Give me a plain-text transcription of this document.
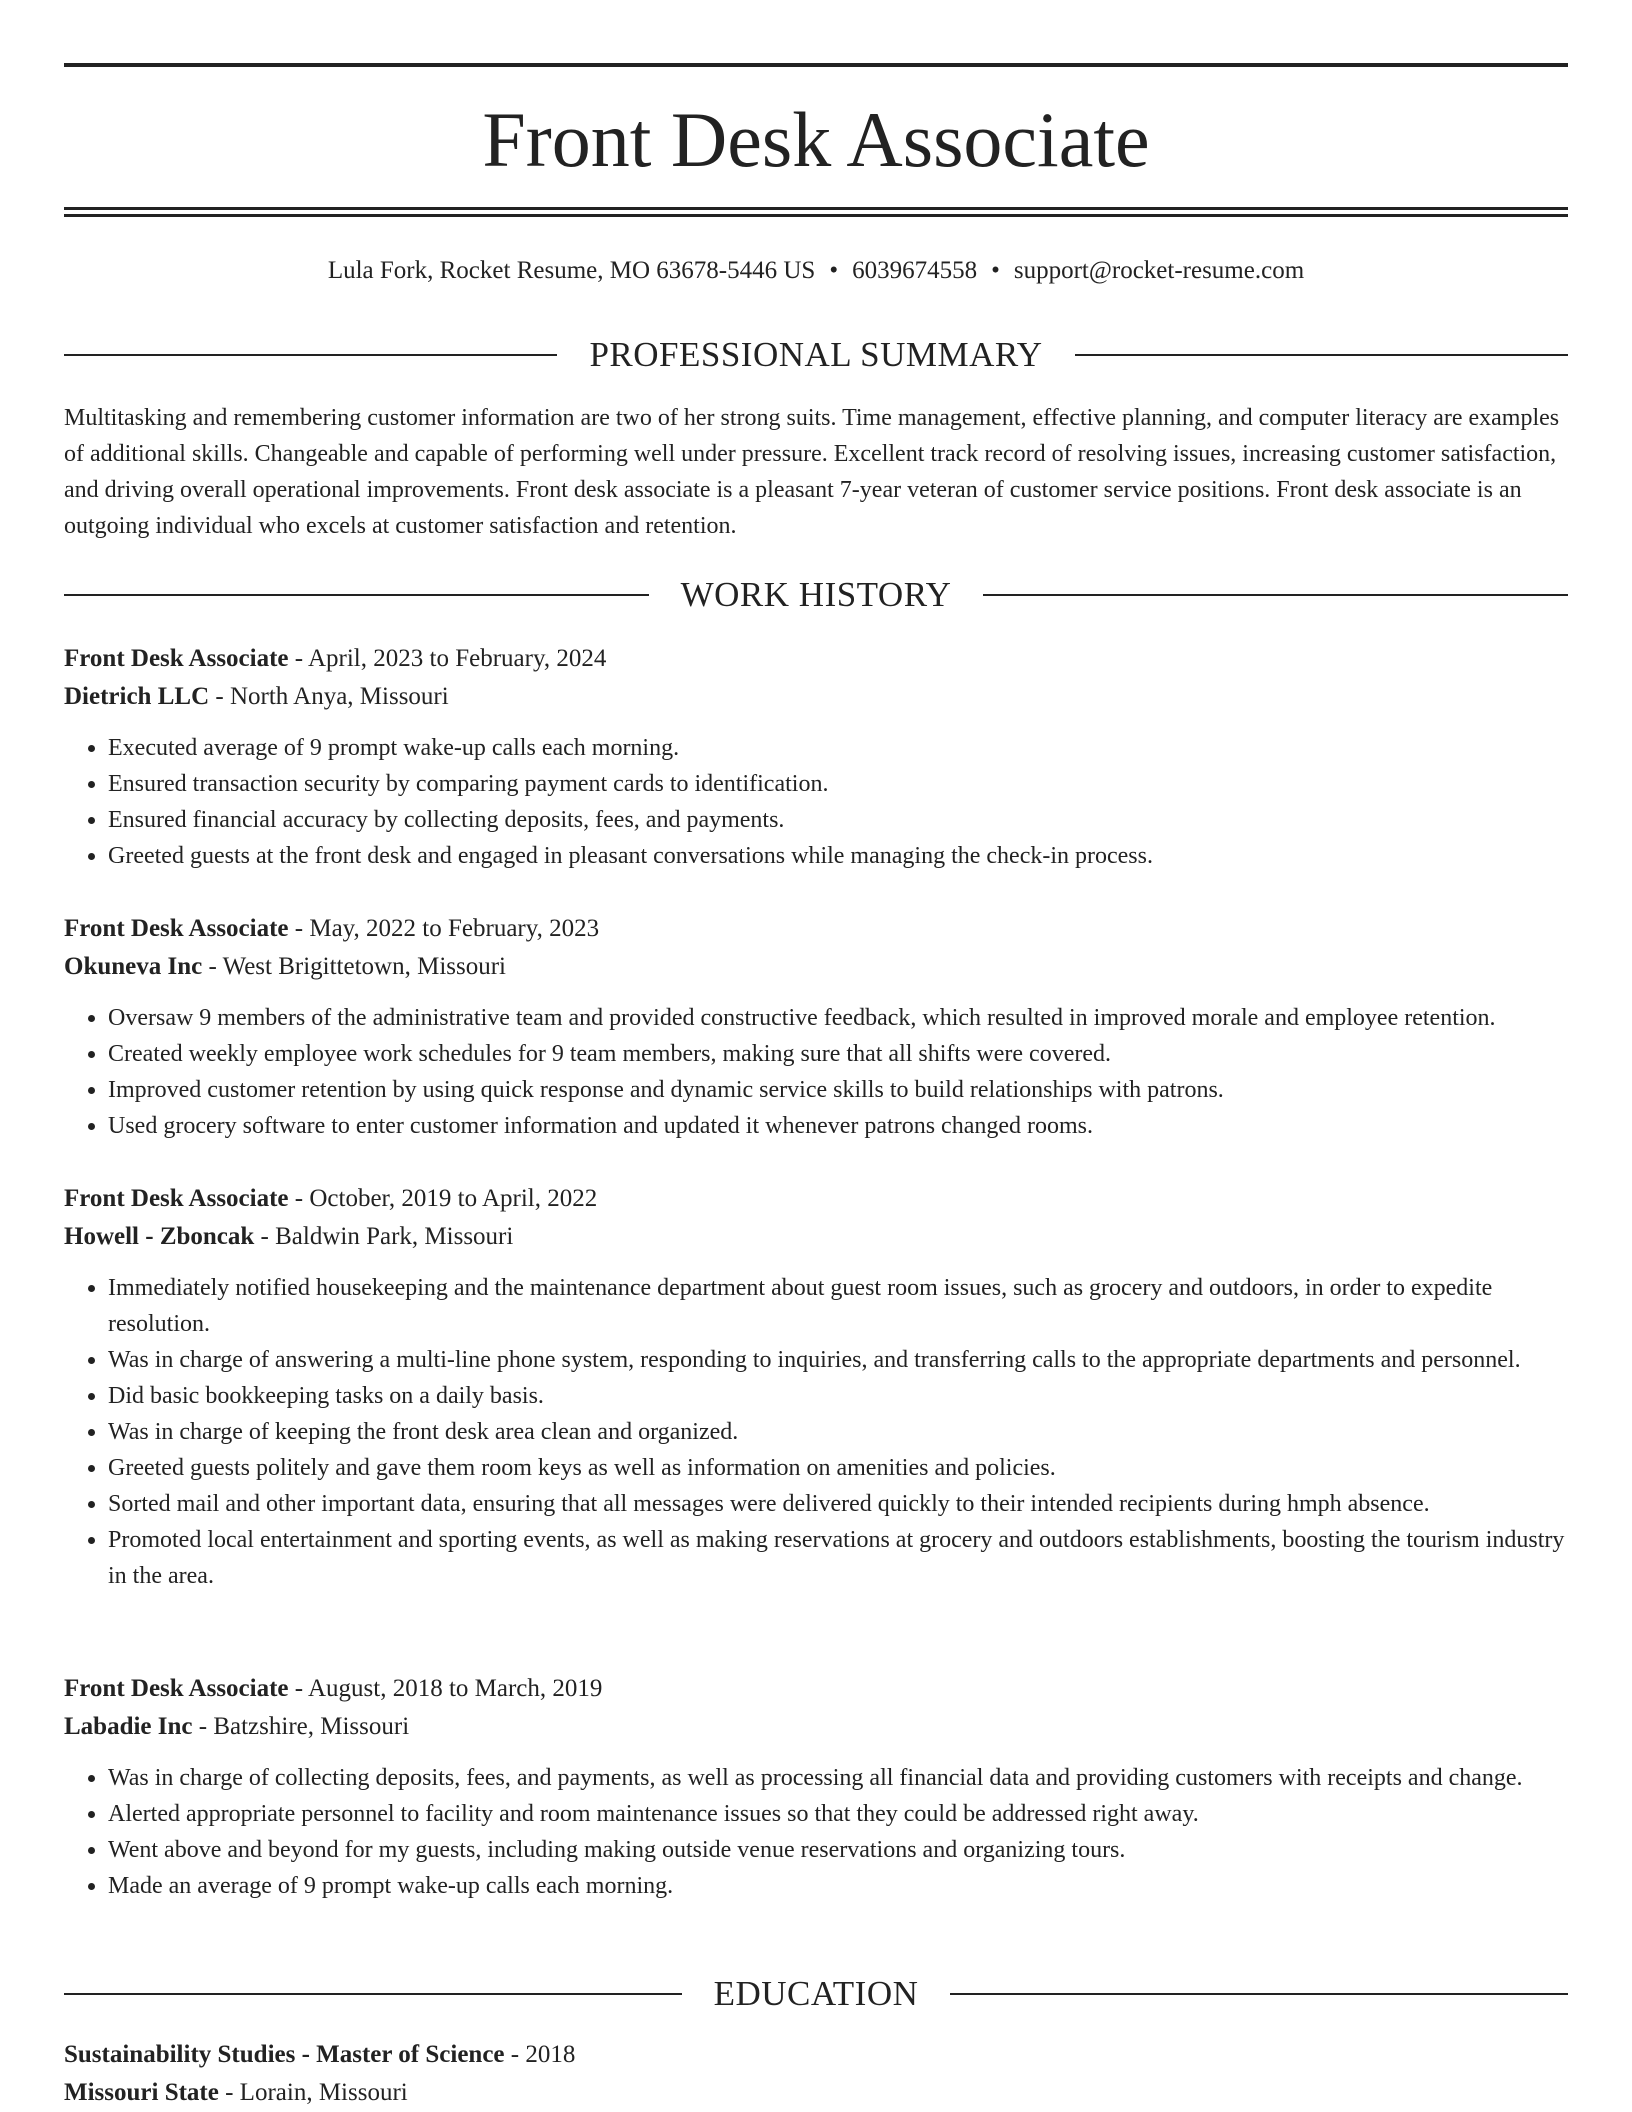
Front Desk Associate
Lula Fork, Rocket Resume, MO 63678-5446 US • 6039674558 • support@rocket-resume.com
PROFESSIONAL SUMMARY

Multitasking and remembering customer information are two of her strong suits. Time management, effective planning, and computer literacy are examples of additional skills. Changeable and capable of performing well under pressure. Excellent track record of resolving issues, increasing customer satisfaction, and driving overall operational improvements. Front desk associate is a pleasant 7-year veteran of customer service positions. Front desk associate is an outgoing individual who excels at customer satisfaction and retention.

WORK HISTORY

Front Desk Associate - April, 2023 to February, 2024

Dietrich LLC - North Anya, Missouri

• Executed average of 9 prompt wake-up calls each morning.
• Ensured transaction security by comparing payment cards to identification.
• Ensured financial accuracy by collecting deposits, fees, and payments.
• Greeted guests at the front desk and engaged in pleasant conversations while managing the check-in process.

Front Desk Associate - May, 2022 to February, 2023

Okuneva Inc - West Brigittetown, Missouri

• Oversaw 9 members of the administrative team and provided constructive feedback, which resulted in improved morale and employee retention.
• Created weekly employee work schedules for 9 team members, making sure that all shifts were covered.
• Improved customer retention by using quick response and dynamic service skills to build relationships with patrons.
• Used grocery software to enter customer information and updated it whenever patrons changed rooms.

Front Desk Associate - October, 2019 to April, 2022

Howell - Zboncak - Baldwin Park, Missouri

• Immediately notified housekeeping and the maintenance department about guest room issues, such as grocery and outdoors, in order to expedite resolution.
• Was in charge of answering a multi-line phone system, responding to inquiries, and transferring calls to the appropriate departments and personnel.
• Did basic bookkeeping tasks on a daily basis.
• Was in charge of keeping the front desk area clean and organized.
• Greeted guests politely and gave them room keys as well as information on amenities and policies.
• Sorted mail and other important data, ensuring that all messages were delivered quickly to their intended recipients during hmph absence.
• Promoted local entertainment and sporting events, as well as making reservations at grocery and outdoors establishments, boosting the tourism industry in the area.

Front Desk Associate - August, 2018 to March, 2019

Labadie Inc - Batzshire, Missouri

• Was in charge of collecting deposits, fees, and payments, as well as processing all financial data and providing customers with receipts and change.
• Alerted appropriate personnel to facility and room maintenance issues so that they could be addressed right away.
• Went above and beyond for my guests, including making outside venue reservations and organizing tours.
• Made an average of 9 prompt wake-up calls each morning.
EDUCATION

Sustainability Studies - Master of Science - 2018

Missouri State - Lorain, Missouri
